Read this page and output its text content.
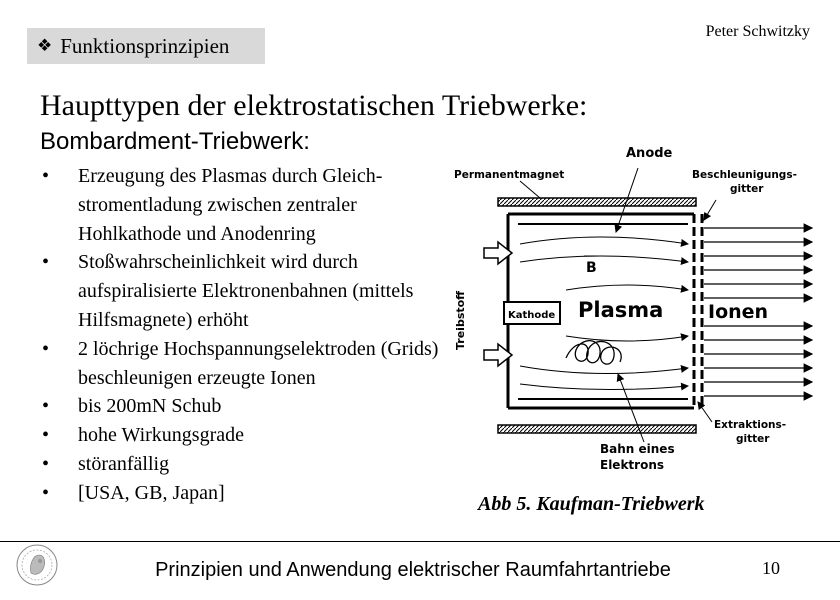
❖ Funktionsprinzipien
Peter Schwitzky
Haupttypen der elektrostatischen Triebwerke:
Bombardment-Triebwerk:
• Erzeugung des Plasmas durch Gleich-stromentladung zwischen zentraler Hohlkathode und Anodenring
• Stoßwahrscheinlichkeit wird durch aufspiralisierte Elektronenbahnen (mittels Hilfsmagnete) erhöht
• 2 löchrige Hochspannungselektroden (Grids) beschleunigen erzeugte Ionen
• bis 200mN Schub
• hohe Wirkungsgrade
• störanfällig
• [USA, GB, Japan]
Kathode
Treibstoff
Anode
Permanentmagnet
B
Plasma
Bahn eines
Elektrons
Ionen
Beschleunigungs-
gitter
Extraktions-
gitter
Abb 5. Kaufman-Triebwerk
Prinzipien und Anwendung elektrischer Raumfahrtantriebe	10
